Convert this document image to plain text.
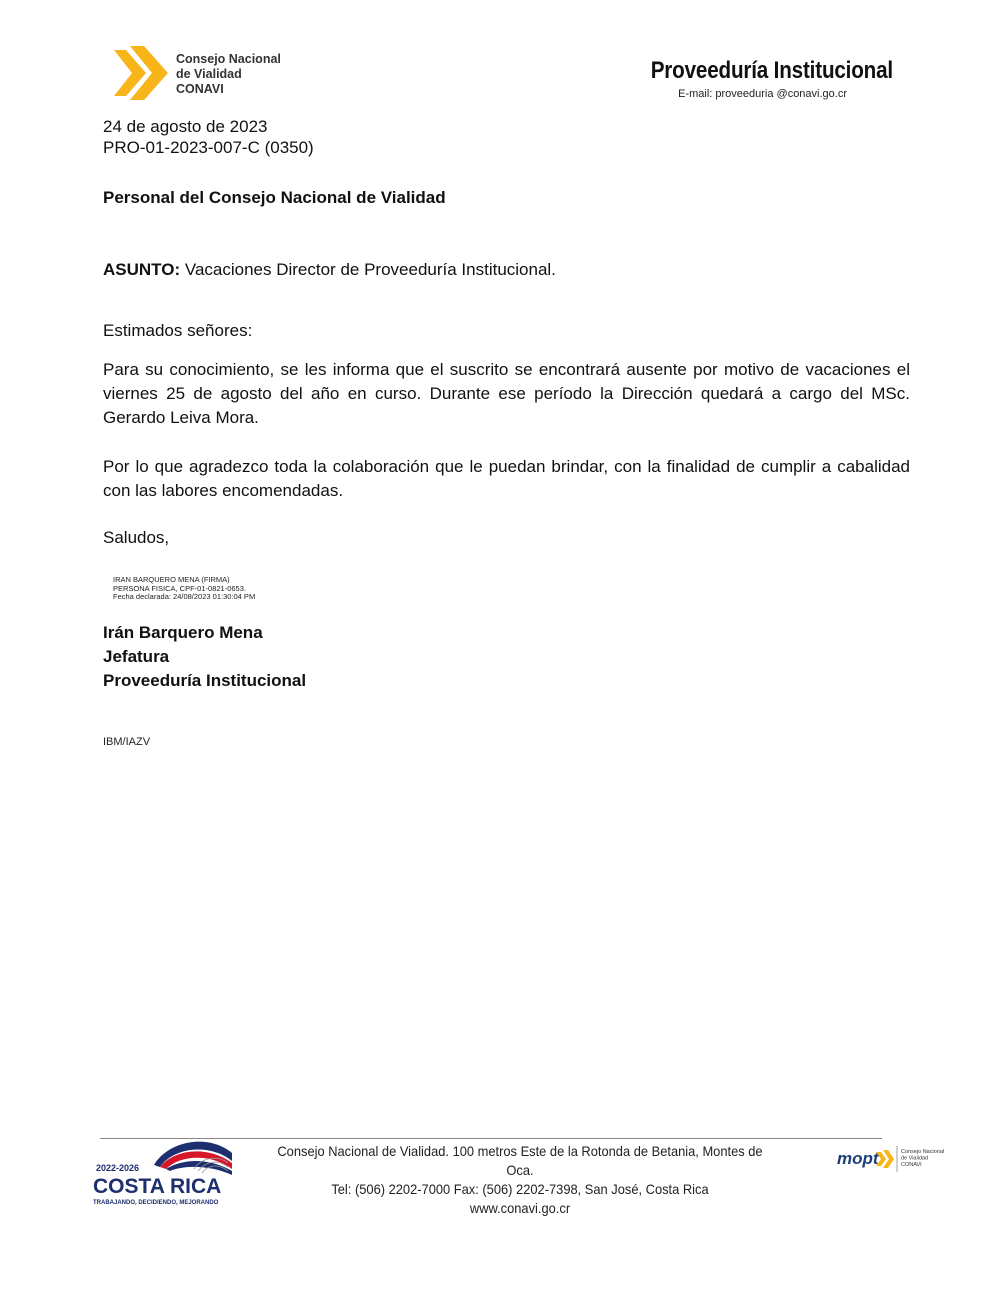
Consejo Nacional
de Vialidad
CONAVI
Proveeduría Institucional
E-mail: proveeduria @conavi.go.cr
24 de agosto de 2023
PRO-01-2023-007-C (0350)
Personal del Consejo Nacional de Vialidad
ASUNTO: Vacaciones Director de Proveeduría Institucional.
Estimados señores:
Para su conocimiento, se les informa que el suscrito se encontrará ausente por motivo de vacaciones el viernes 25 de agosto del año en curso. Durante ese período la Dirección quedará a cargo del MSc. Gerardo Leiva Mora.
Por lo que agradezco toda la colaboración que le puedan brindar, con la finalidad de cumplir a cabalidad con las labores encomendadas.
Saludos,
IRAN BARQUERO MENA (FIRMA)
PERSONA FISICA, CPF-01-0821-0653.
Fecha declarada: 24/08/2023 01:30:04 PM
Irán Barquero Mena
Jefatura
Proveeduría Institucional
IBM/IAZV
2022-2026
COSTA RICA
TRABAJANDO, DECIDIENDO, MEJORANDO
Consejo Nacional de Vialidad. 100 metros Este de la Rotonda de Betania, Montes de Oca.
Tel: (506) 2202-7000 Fax: (506) 2202-7398, San José, Costa Rica
www.conavi.go.cr
mopt	Consejo Nacional
de Vialidad
CONAVI
